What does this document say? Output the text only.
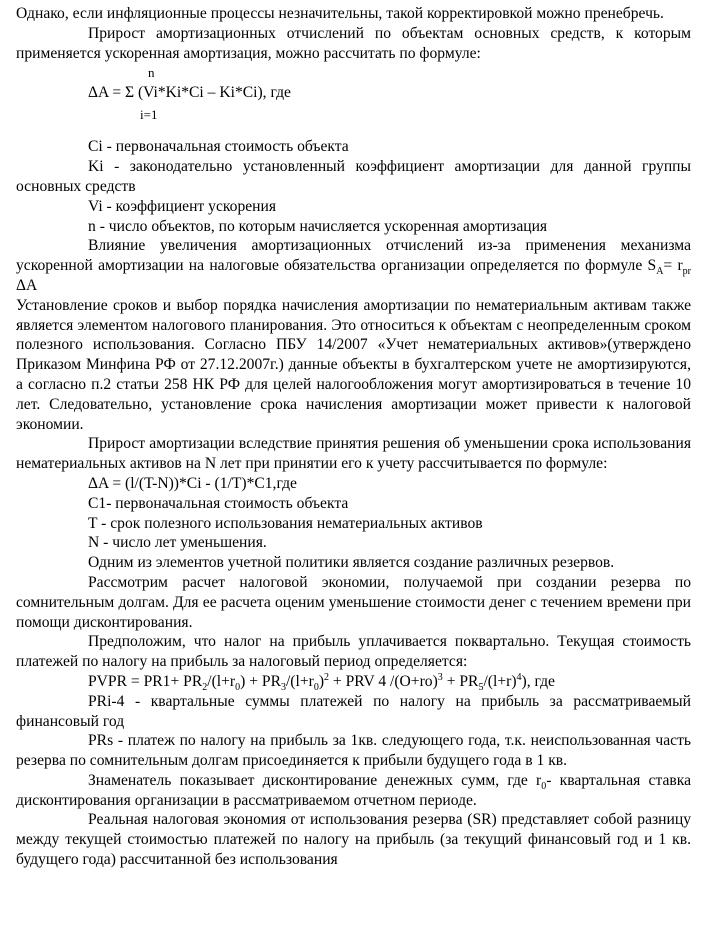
Однако, если инфляционные процессы незначительны, такой корректировкой можно пренебречь.

Прирост амортизационных отчислений по объектам основных средств, к которым применяется ускоренная амортизация, можно рассчитать по формуле:

n
ΔA = Σ (Vi*Ki*Ci – Ki*Ci), где
i=1

Ci - первоначальная стоимость объекта

Ki - законодательно установленный коэффициент амортизации для данной группы основных средств

Vi - коэффициент ускорения

n - число объектов, по которым начисляется ускоренная амортизация

Влияние увеличения амортизационных отчислений из-за применения механизма ускоренной амортизации на налоговые обязательства организации определяется по формуле $S_A= r_{pr}$ ΔA

Установление сроков и выбор порядка начисления амортизации по нематериальным активам также является элементом налогового планирования. Это относиться к объектам с неопределенным сроком полезного использования. Согласно ПБУ 14/2007 «Учет нематериальных активов»(утверждено Приказом Минфина РФ от 27.12.2007г.) данные объекты в бухгалтерском учете не амортизируются, а согласно п.2 статьи 258 НК РФ для целей налогообложения могут амортизироваться в течение 10 лет. Следовательно, установление срока начисления амортизации может привести к налоговой экономии.

Прирост амортизации вследствие принятия решения об уменьшении срока использования нематериальных активов на N лет при принятии его к учету рассчитывается по формуле:

ΔA = (l/(T-N))*Ci - (1/T)*C1,где

C1- первоначальная стоимость объекта

T - срок полезного использования нематериальных активов

N - число лет уменьшения.

Одним из элементов учетной политики является создание различных резервов.

Рассмотрим расчет налоговой экономии, получаемой при создании резерва по сомнительным долгам. Для ее расчета оценим уменьшение стоимости денег с течением времени при помощи дисконтирования.

Предположим, что налог на прибыль уплачивается поквартально. Текущая стоимость платежей по налогу на прибыль за налоговый период определяется:

PVPR = $PR1+ PR_2/(l+r_0) + PR_3/(l+r_0)^2$ + PRV 4 $/(O+ro)^3 + PR_5/(l+r)^4$), где

PRi-4 - квартальные суммы платежей по налогу на прибыль за рассматриваемый финансовый год

PRs - платеж по налогу на прибыль за 1кв. следующего года, т.к. неиспользованная часть резерва по сомнительным долгам присоединяется к прибыли будущего года в 1 кв.

Знаменатель показывает дисконтирование денежных сумм, где $r_0-$ квартальная ставка дисконтирования организации в рассматриваемом отчетном периоде.

Реальная налоговая экономия от использования резерва (SR) представляет собой разницу между текущей стоимостью платежей по налогу на прибыль (за текущий финансовый год и 1 кв. будущего года) рассчитанной без использования
